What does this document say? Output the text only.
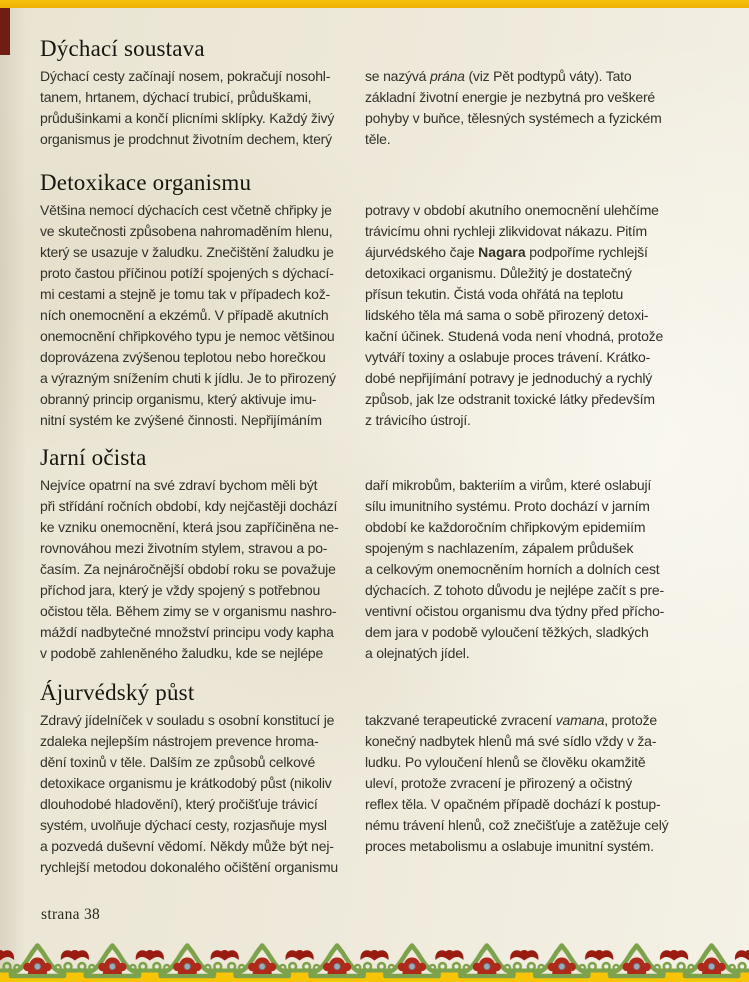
Dýchací soustava
Dýchací cesty začínají nosem, pokračují nosohl-
tanem, hrtanem, dýchací trubicí, průduškami,
průdušinkami a končí plicními sklípky. Každý živý
organismus je prodchnut životním dechem, který
se nazývá prána (viz Pět podtypů váty). Tato
základní životní energie je nezbytná pro veškeré
pohyby v buňce, tělesných systémech a fyzickém
těle.
Detoxikace organismu
Většina nemocí dýchacích cest včetně chřipky je
ve skutečnosti způsobena nahromaděním hlenu,
který se usazuje v žaludku. Znečištění žaludku je
proto častou příčinou potíží spojených s dýchací-
mi cestami a stejně je tomu tak v případech kož-
ních onemocnění a ekzémů. V případě akutních
onemocnění chřipkového typu je nemoc většinou
doprovázena zvýšenou teplotou nebo horečkou
a výrazným snížením chuti k jídlu. Je to přirozený
obranný princip organismu, který aktivuje imu-
nitní systém ke zvýšené činnosti. Nepřijímáním
potravy v období akutního onemocnění ulehčíme
trávicímu ohni rychleji zlikvidovat nákazu. Pitím
ájurvédského čaje Nagara podpoříme rychlejší
detoxikaci organismu. Důležitý je dostatečný
přísun tekutin. Čistá voda ohřátá na teplotu
lidského těla má sama o sobě přirozený detoxi-
kační účinek. Studená voda není vhodná, protože
vytváří toxiny a oslabuje proces trávení. Krátko-
dobé nepřijímání potravy je jednoduchý a rychlý
způsob, jak lze odstranit toxické látky především
z trávicího ústrojí.
Jarní očista
Nejvíce opatrní na své zdraví bychom měli být
při střídání ročních období, kdy nejčastěji dochází
ke vzniku onemocnění, která jsou zapříčiněna ne-
rovnováhou mezi životním stylem, stravou a po-
časím. Za nejnáročnější období roku se považuje
příchod jara, který je vždy spojený s potřebnou
očistou těla. Během zimy se v organismu nashro-
máždí nadbytečné množství principu vody kapha
v podobě zahleněného žaludku, kde se nejlépe
daří mikrobům, bakteriím a virům, které oslabují
sílu imunitního systému. Proto dochází v jarním
období ke každoročním chřipkovým epidemiím
spojeným s nachlazením, zápalem průdušek
a celkovým onemocněním horních a dolních cest
dýchacích. Z tohoto důvodu je nejlépe začít s pre-
ventivní očistou organismu dva týdny před přícho-
dem jara v podobě vyloučení těžkých, sladkých
a olejnatých jídel.
Ájurvédský půst
Zdravý jídelníček v souladu s osobní konstitucí je
zdaleka nejlepším nástrojem prevence hroma-
dění toxinů v těle. Dalším ze způsobů celkové
detoxikace organismu je krátkodobý půst (nikoliv
dlouhodobé hladovění), který pročišťuje trávicí
systém, uvolňuje dýchací cesty, rozjasňuje mysl
a pozvedá duševní vědomí. Někdy může být nej-
rychlejší metodou dokonalého očištění organismu
takzvané terapeutické zvracení vamana, protože
konečný nadbytek hlenů má své sídlo vždy v ža-
ludku. Po vyloučení hlenů se člověku okamžitě
uleví, protože zvracení je přirozený a očistný
reflex těla. V opačném případě dochází k postup-
nému trávení hlenů, což znečišťuje a zatěžuje celý
proces metabolismu a oslabuje imunitní systém.
strana 38
